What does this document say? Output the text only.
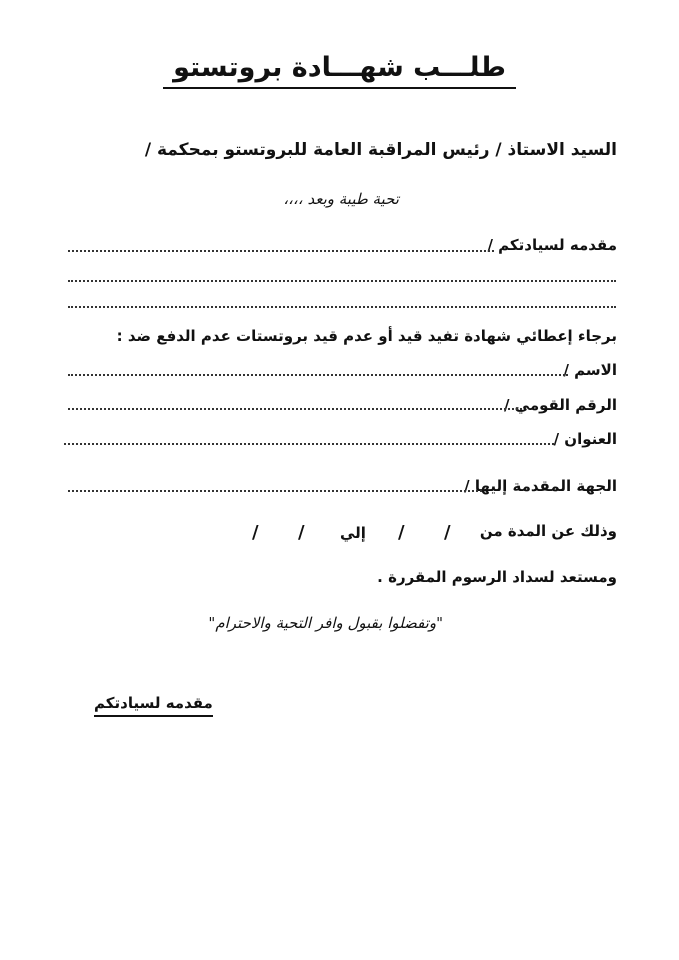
طلـــب شهـــادة بروتستو
السيد الاستاذ / رئيس المراقبة العامة للبروتستو بمحكمة /
تحية طيبة وبعد ،،،،
مقدمه لسيادتكم /
برجاء إعطائي شهادة تفيد قيد أو عدم قيد بروتستات عدم الدفع ضد :
الاسم /
الرقم القومي /
العنوان /
الجهة المقدمة إليها /
وذلك عن المدة من
/
/
إلي
/
/
ومستعد لسداد الرسوم المقررة .
"وتفضلوا بقبول وافر التحية والاحترام"
مقدمه لسيادتكم
